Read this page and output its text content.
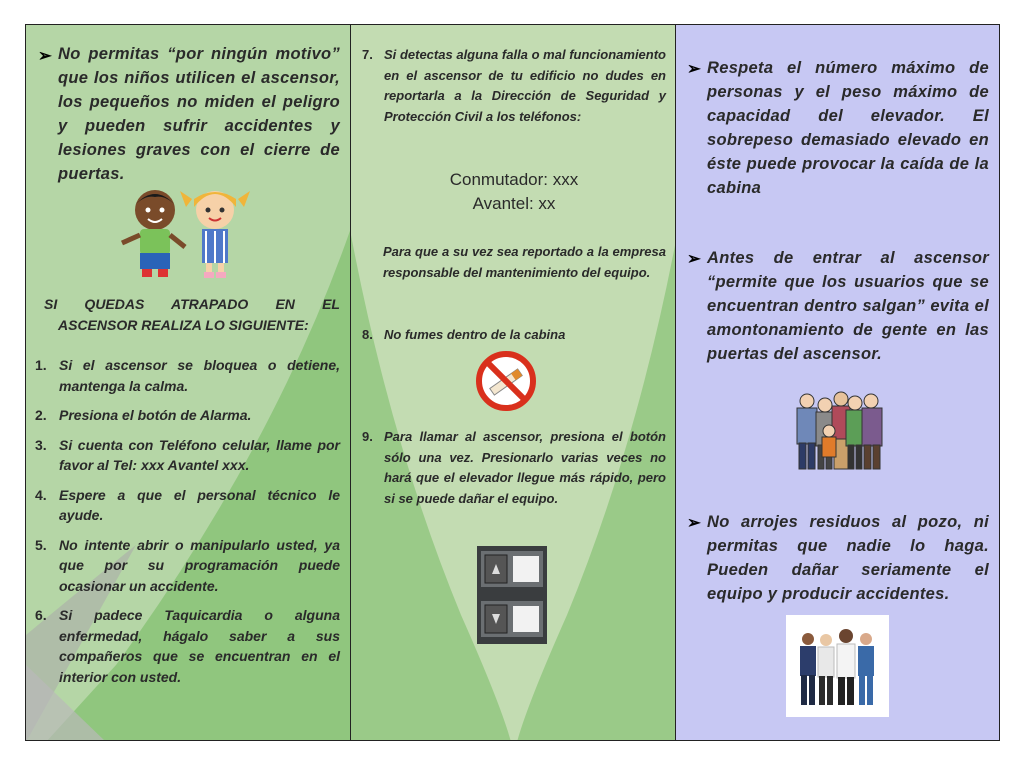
➢ No permitas “por ningún motivo” que los niños utilicen el ascensor, los pequeños no miden el peligro y pueden sufrir accidentes y lesiones graves con el cierre de puertas.
SI QUEDAS ATRAPADO EN EL
ASCENSOR REALIZA LO SIGUIENTE:
1. Si el ascensor se bloquea o detiene, mantenga la calma.
2. Presiona el botón de Alarma.
3. Si cuenta con Teléfono celular, llame por favor al Tel: xxx Avantel xxx.
4. Espere a que el personal técnico le ayude.
5. No intente abrir o manipularlo usted, ya que por su programación puede ocasionar un accidente.
6. Si padece Taquicardia o alguna enfermedad, hágalo saber a sus compañeros que se encuentran en el interior con usted.
7. Si detectas alguna falla o mal funcionamiento en el ascensor de tu edificio no dudes en reportarla a la Dirección de Seguridad y Protección Civil a los teléfonos:
Conmutador: xxx
Avantel: xx
Para que a su vez sea reportado a la empresa responsable del mantenimiento del equipo.
8. No fumes dentro de la cabina
9. Para llamar al ascensor, presiona el botón sólo una vez. Presionarlo varias veces no hará que el elevador llegue más rápido, pero si se puede dañar el equipo.
➢ Respeta el número máximo de personas y el peso máximo de capacidad del elevador. El sobrepeso demasiado elevado en éste puede provocar la caída de la cabina
➢ Antes de entrar al ascensor “permite que los usuarios que se encuentran dentro salgan” evita el amontonamiento de gente en las puertas del ascensor.
➢ No arrojes residuos al pozo, ni permitas que nadie lo haga. Pueden dañar seriamente el equipo y producir accidentes.
